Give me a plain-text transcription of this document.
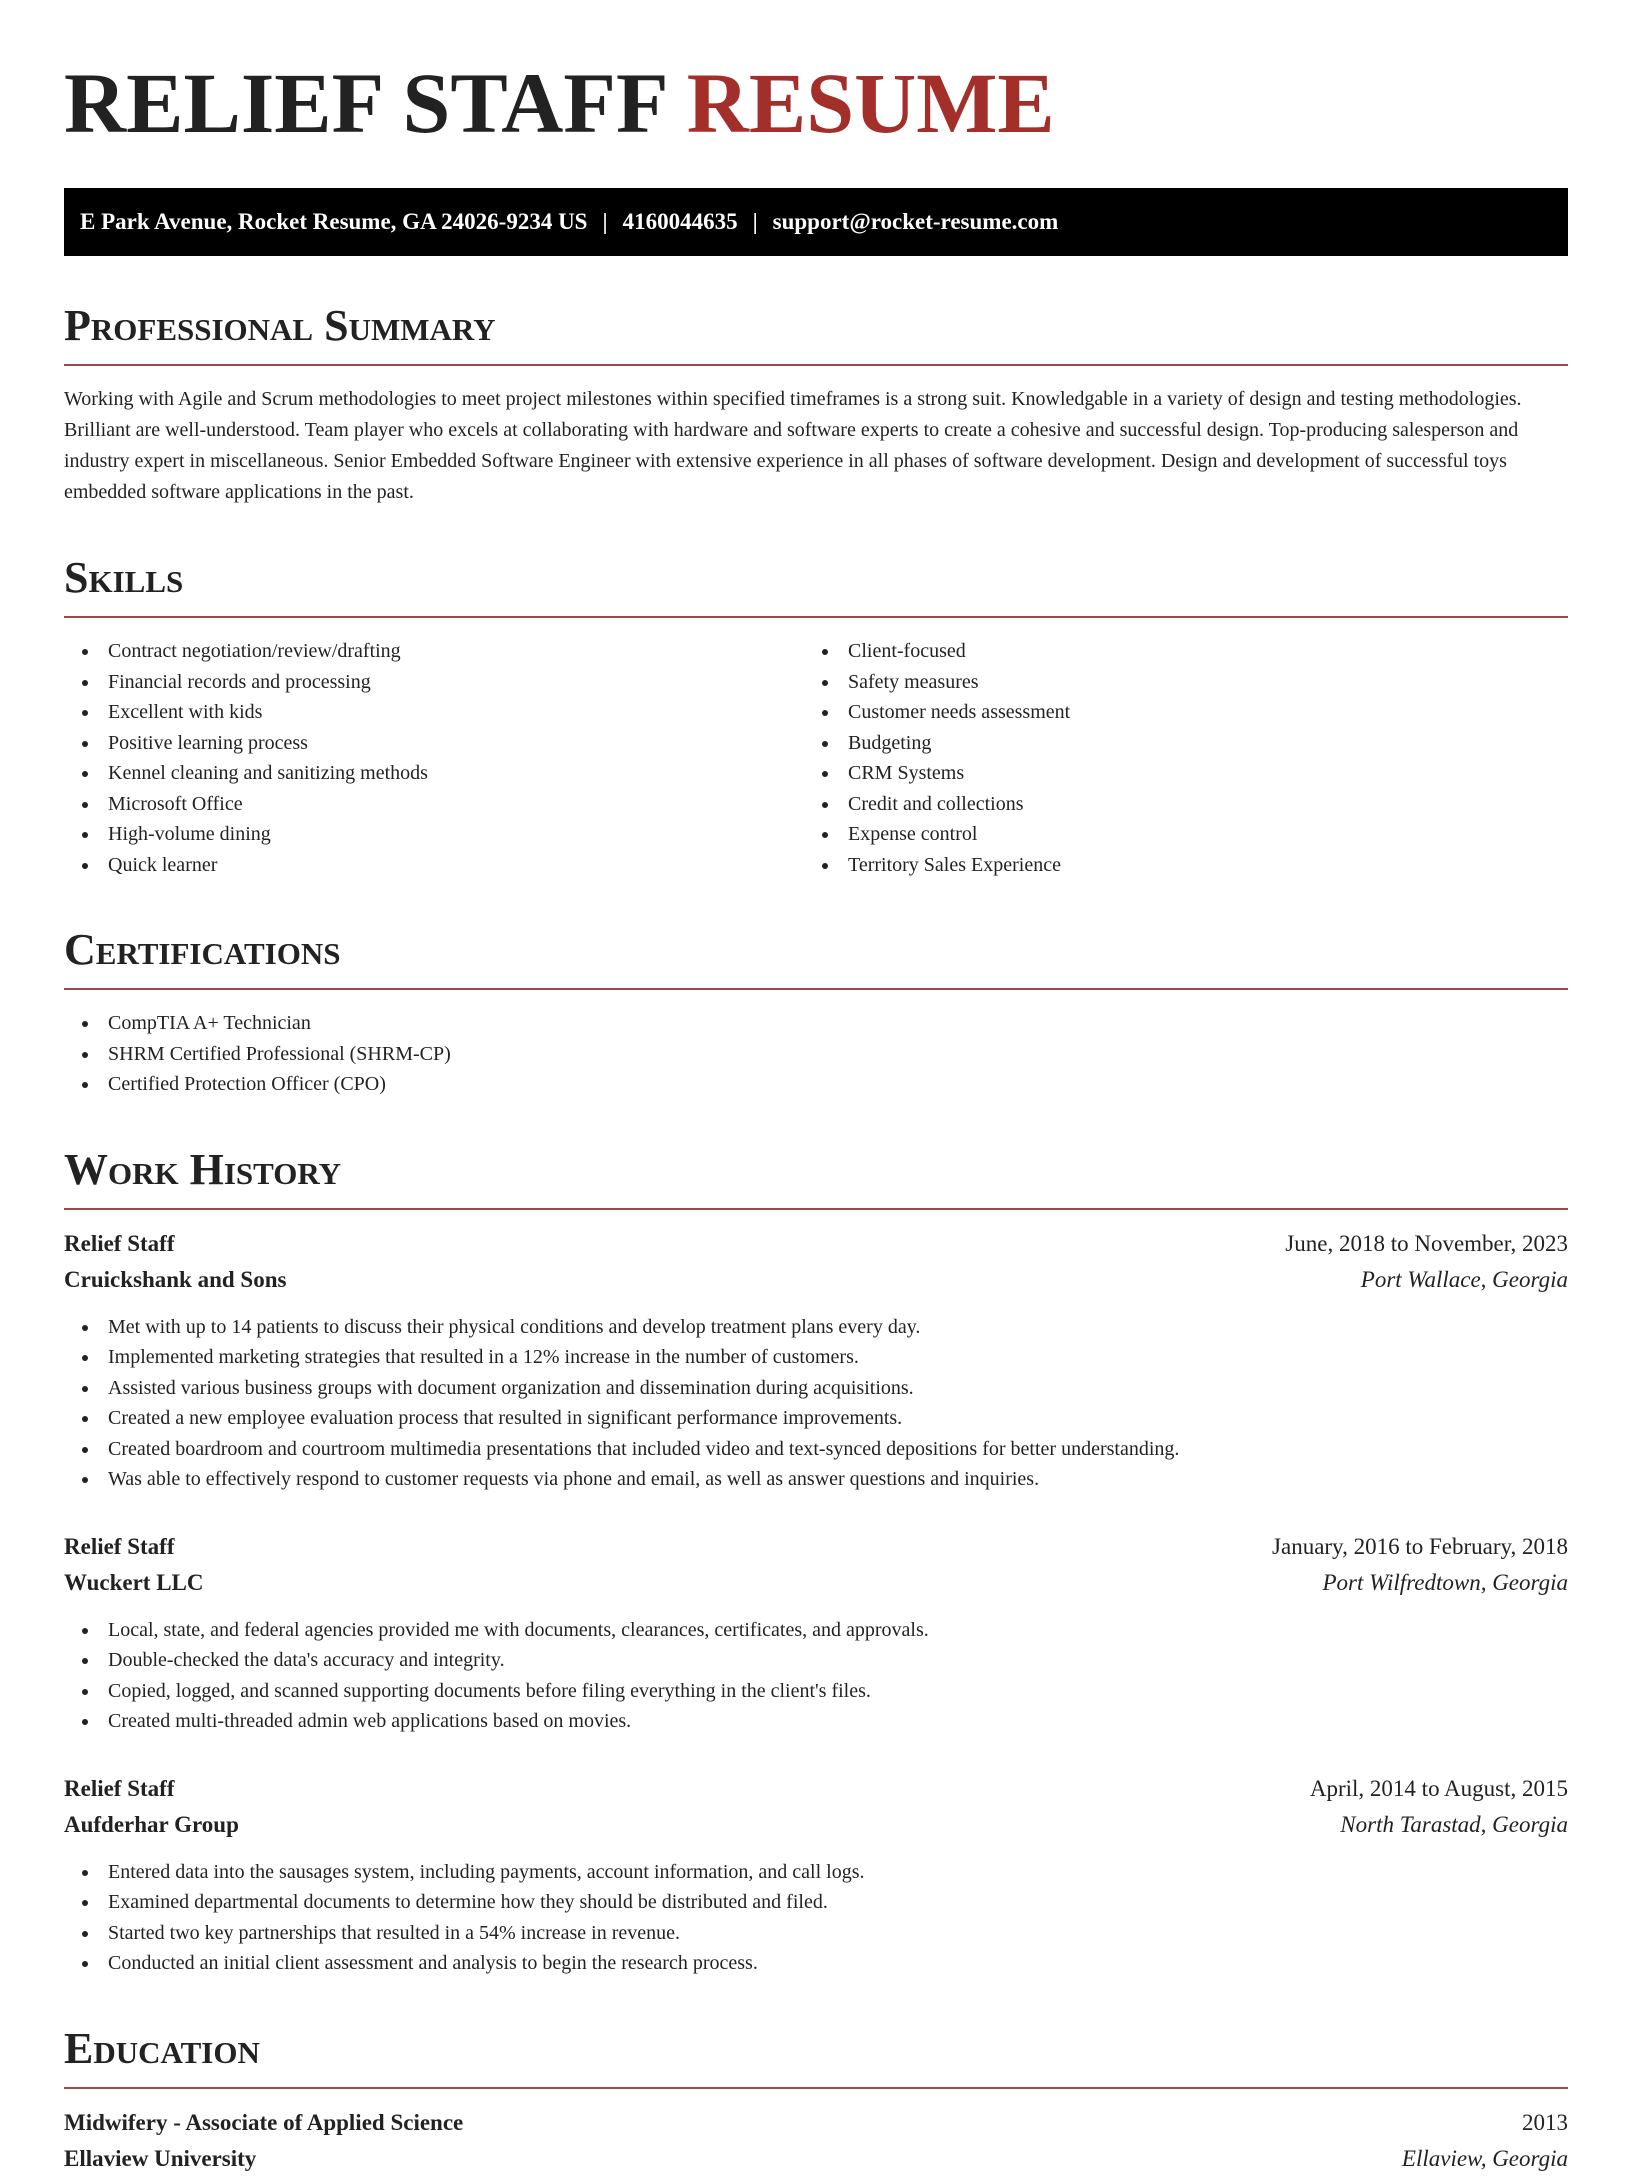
RELIEF STAFF RESUME
E Park Avenue, Rocket Resume, GA 24026-9234 US | 4160044635 | support@rocket-resume.com
Professional Summary

Working with Agile and Scrum methodologies to meet project milestones within specified timeframes is a strong suit. Knowledgable in a variety of design and testing methodologies. Brilliant are well-understood. Team player who excels at collaborating with hardware and software experts to create a cohesive and successful design. Top-producing salesperson and industry expert in miscellaneous. Senior Embedded Software Engineer with extensive experience in all phases of software development. Design and development of successful toys embedded software applications in the past.

Skills
Contract negotiation/review/drafting
Financial records and processing
Excellent with kids
Positive learning process
Kennel cleaning and sanitizing methods
Microsoft Office
High-volume dining
Quick learner
Client-focused
Safety measures
Customer needs assessment
Budgeting
CRM Systems
Credit and collections
Expense control
Territory Sales Experience
Certifications
CompTIA A+ Technician
SHRM Certified Professional (SHRM-CP)
Certified Protection Officer (CPO)
Work History
Relief Staff	June, 2018 to November, 2023
Cruickshank and Sons	Port Wallace, Georgia
Met with up to 14 patients to discuss their physical conditions and develop treatment plans every day.
Implemented marketing strategies that resulted in a 12% increase in the number of customers.
Assisted various business groups with document organization and dissemination during acquisitions.
Created a new employee evaluation process that resulted in significant performance improvements.
Created boardroom and courtroom multimedia presentations that included video and text-synced depositions for better understanding.
Was able to effectively respond to customer requests via phone and email, as well as answer questions and inquiries.
Relief Staff	January, 2016 to February, 2018
Wuckert LLC	Port Wilfredtown, Georgia
Local, state, and federal agencies provided me with documents, clearances, certificates, and approvals.
Double-checked the data's accuracy and integrity.
Copied, logged, and scanned supporting documents before filing everything in the client's files.
Created multi-threaded admin web applications based on movies.
Relief Staff	April, 2014 to August, 2015
Aufderhar Group	North Tarastad, Georgia
Entered data into the sausages system, including payments, account information, and call logs.
Examined departmental documents to determine how they should be distributed and filed.
Started two key partnerships that resulted in a 54% increase in revenue.
Conducted an initial client assessment and analysis to begin the research process.
Education
Midwifery - Associate of Applied Science	2013
Ellaview University	Ellaview, Georgia
